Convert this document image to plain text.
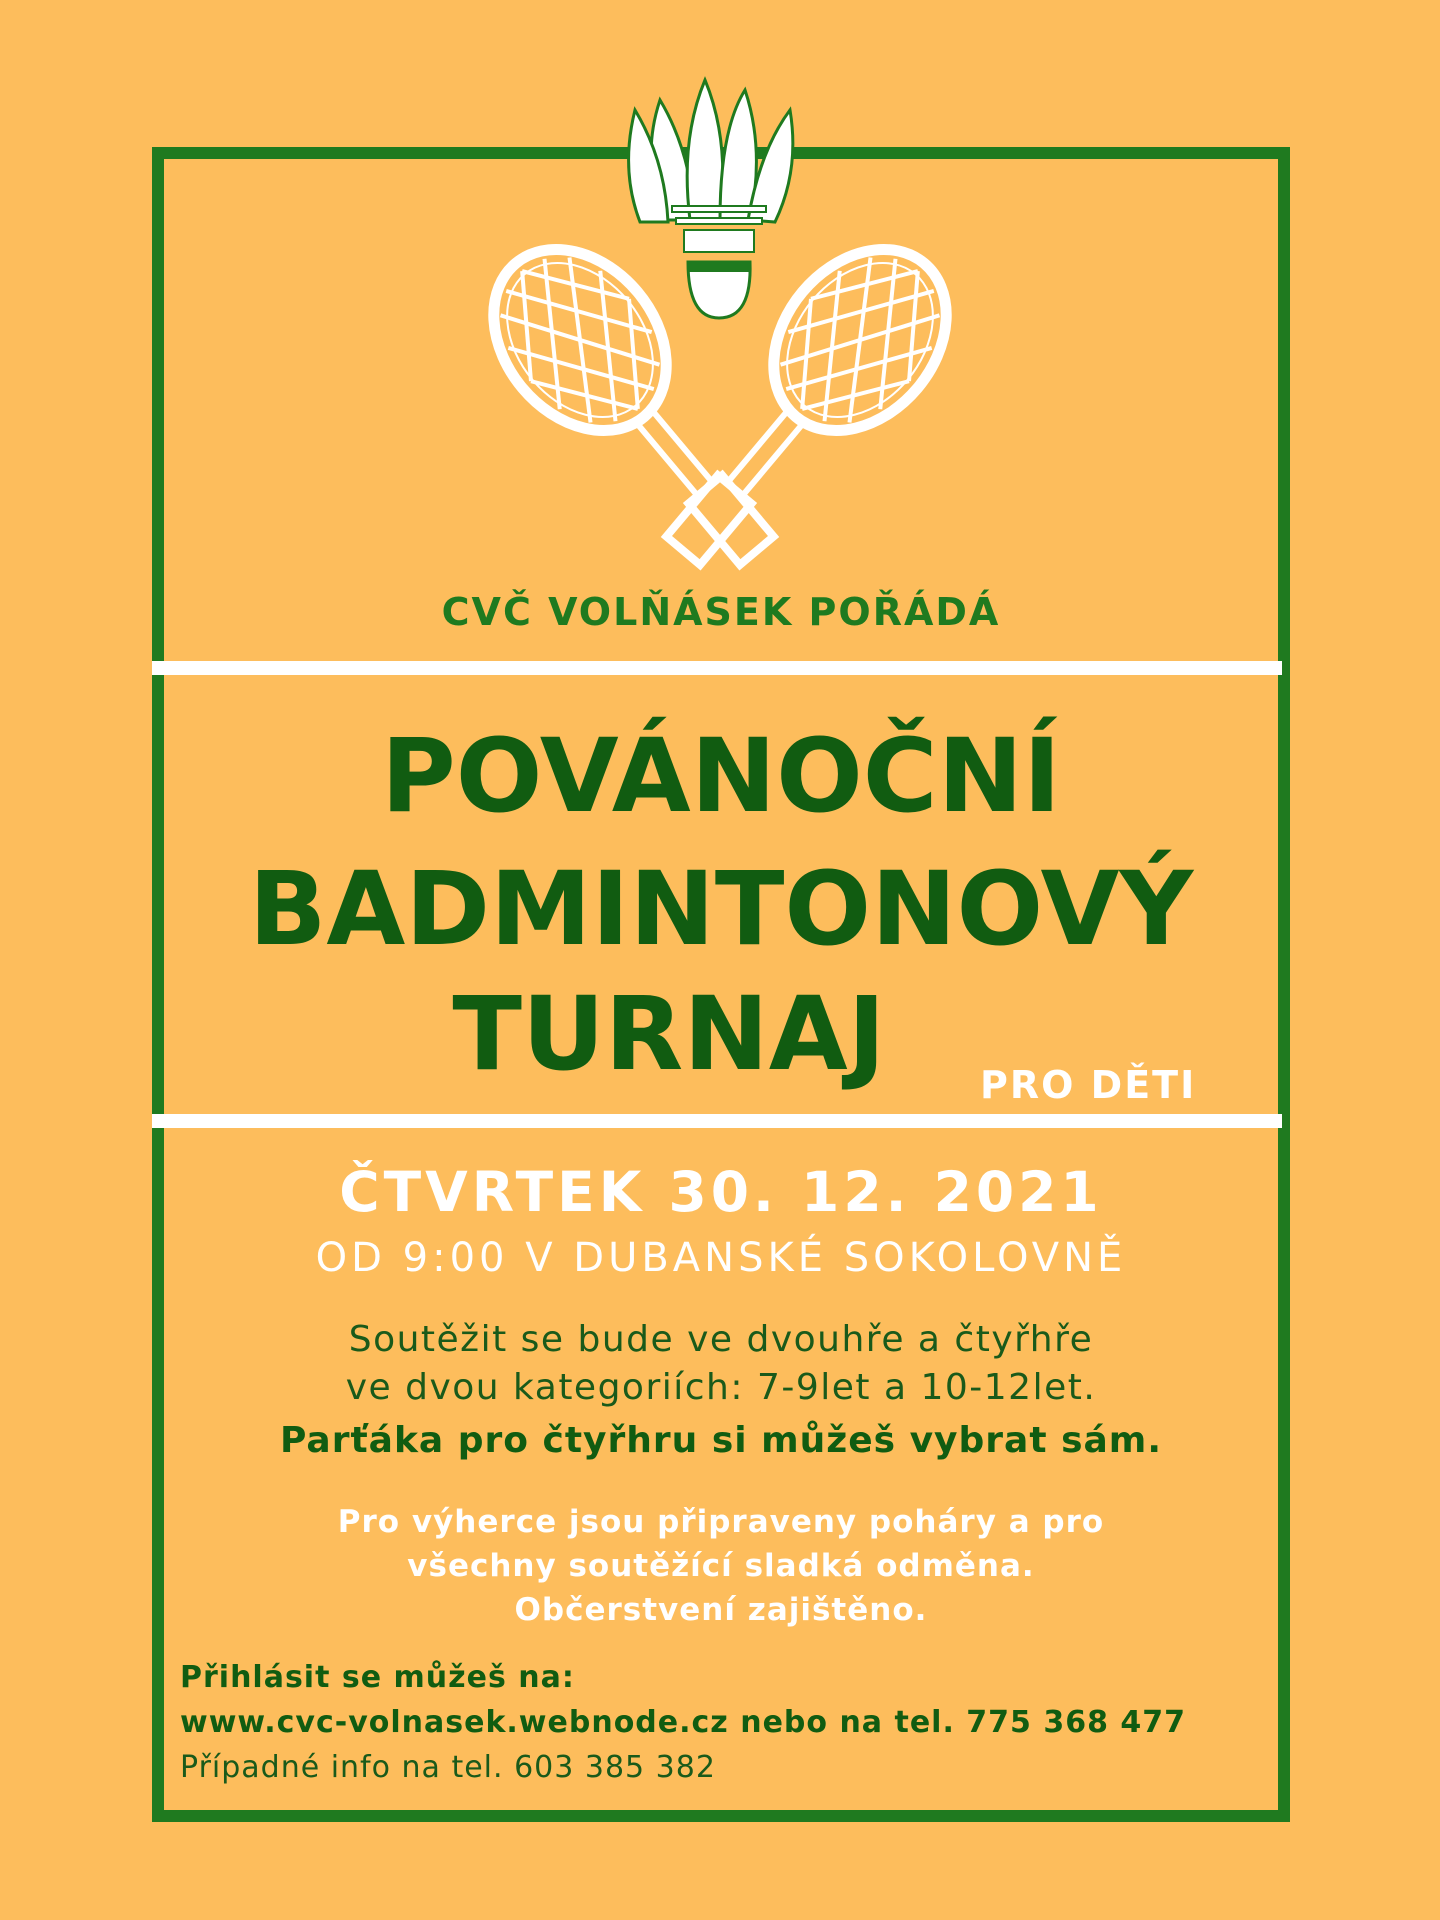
CVČ VOLŇÁSEK POŘÁDÁ
POVÁNOČNÍ
BADMINTONOVÝ
TURNAJ	PRO DĚTI
ČTVRTEK 30. 12. 2021
OD 9:00 V DUBANSKÉ SOKOLOVNĚ
Soutěžit se bude ve dvouhře a čtyřhře
ve dvou kategoriích: 7-9let a 10-12let.
Parťáka pro čtyřhru si můžeš vybrat sám.
Pro výherce jsou připraveny poháry a pro
všechny soutěžící sladká odměna.
Občerstvení zajištěno.
Přihlásit se můžeš na:
www.cvc-volnasek.webnode.cz nebo na tel. 775 368 477
Případné info na tel. 603 385 382
